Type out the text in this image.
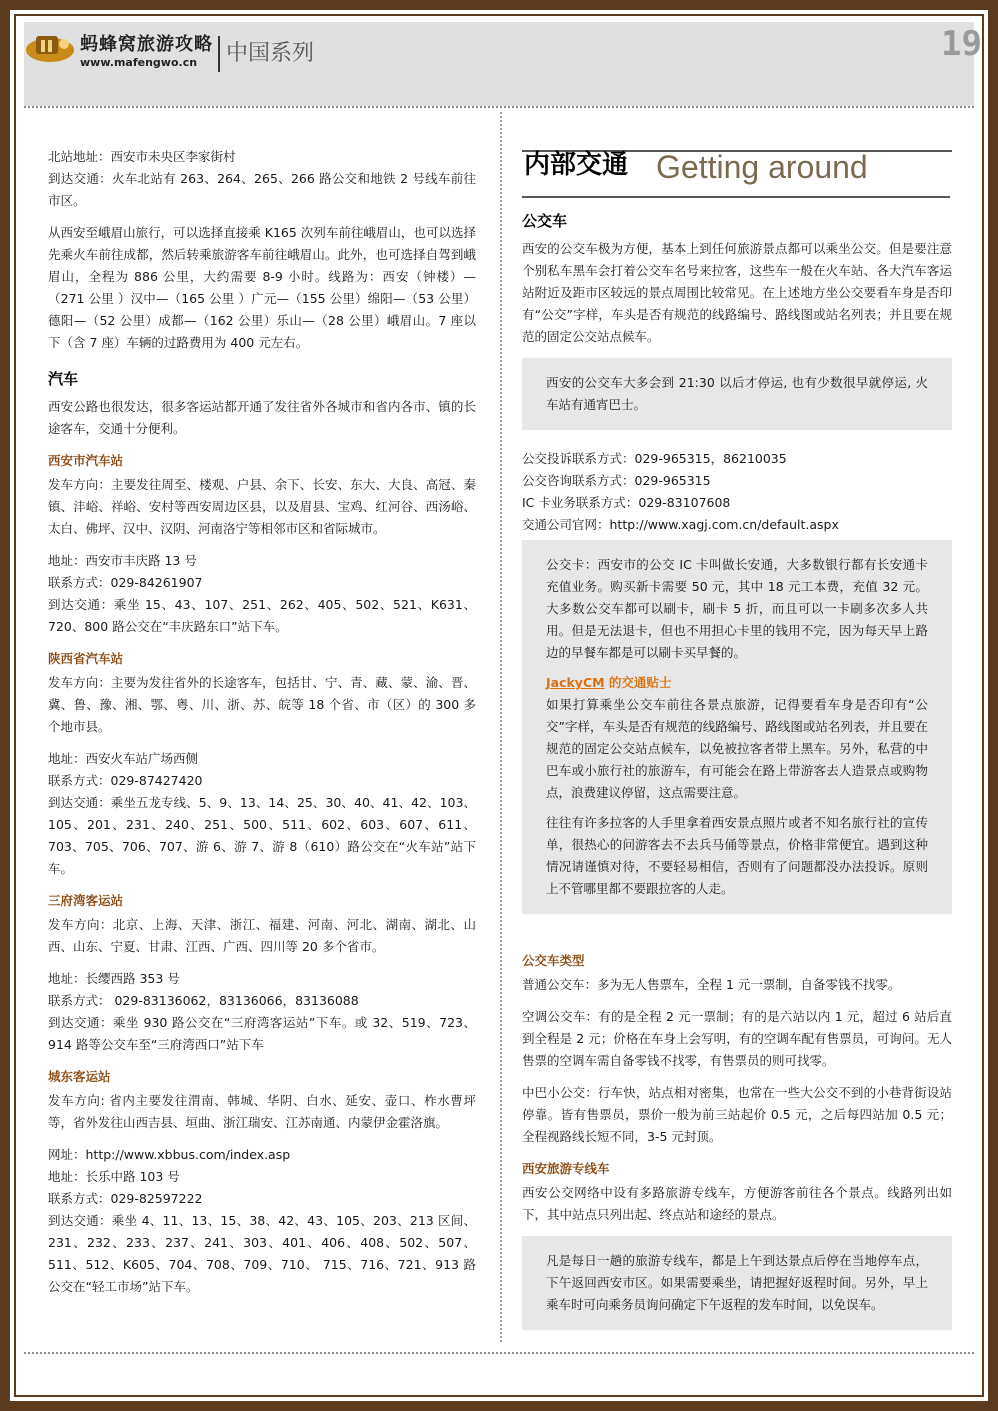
蚂蜂窝旅游攻略
www.mafengwo.cn 中国系列	19

北站地址：西安市未央区李家街村

到达交通：火车北站有 263、264、265、266 路公交和地铁 2 号线车前往市区。

从西安至峨眉山旅行，可以选择直接乘 K165 次列车前往峨眉山，也可以选择先乘火车前往成都，然后转乘旅游客车前往峨眉山。此外，也可选择自驾到峨眉山，全程为 886 公里，大约需要 8-9 小时。线路为：西安（钟楼）—（271 公里 ）汉中—（165 公里 ）广元—（155 公里）绵阳—（53 公里）德阳—（52 公里）成都—（162 公里）乐山—（28 公里）峨眉山。7 座以下（含 7 座）车辆的过路费用为 400 元左右。

汽车

西安公路也很发达，很多客运站都开通了发往省外各城市和省内各市、镇的长途客车，交通十分便利。

西安市汽车站

发车方向：主要发往周至、楼观、户县、余下、长安、东大、大良、高冠、秦镇、沣峪、祥峪、安村等西安周边区县，以及眉县、宝鸡、红河谷、西汤峪、太白、佛坪、汉中、汉阴、河南洛宁等相邻市区和省际城市。

地址：西安市丰庆路 13 号

联系方式：029-84261907

到达交通：乘坐 15、43、107、251、262、405、502、521、K631、720、800 路公交在“丰庆路东口”站下车。

陕西省汽车站

发车方向：主要为发往省外的长途客车，包括甘、宁、青、藏、蒙、渝、晋、冀、鲁、豫、湘、鄂、粤、川、浙、苏、皖等 18 个省、市（区）的 300 多个地市县。

地址：西安火车站广场西侧

联系方式：029-87427420

到达交通：乘坐五龙专线、5、9、13、14、25、30、40、41、42、103、105、201、231、240、251、500、511、602、603、607、611、703、705、706、707、游 6、游 7、游 8（610）路公交在“火车站”站下车。

三府湾客运站

发车方向：北京、上海、天津、浙江、福建、河南、河北、湖南、湖北、山西、山东、宁夏、甘肃、江西、广西、四川等 20 多个省市。

地址：长缨西路 353 号

联系方式： 029-83136062，83136066，83136088

到达交通：乘坐 930 路公交在“三府湾客运站”下车。或 32、519、723、914 路等公交车至“三府湾西口”站下车

城东客运站

发车方向: 省内主要发往渭南、韩城、华阴、白水、延安、壶口、柞水曹坪等，省外发往山西吉县、垣曲、浙江瑞安、江苏南通、内蒙伊金霍洛旗。

网址：http://www.xbbus.com/index.asp

地址：长乐中路 103 号

联系方式：029-82597222

到达交通：乘坐 4、11、13、15、38、42、43、105、203、213 区间、231、232、233、237、241、303、401、406、408、502、507、511、512、K605、704、708、709、710、 715、716、721、913 路公交在“轻工市场”站下车。

内部交通 Getting around
公交车

西安的公交车极为方便，基本上到任何旅游景点都可以乘坐公交。但是要注意个别私车黑车会打着公交车名号来拉客，这些车一般在火车站、各大汽车客运站附近及距市区较远的景点周围比较常见。在上述地方坐公交要看车身是否印有“公交”字样，车头是否有规范的线路编号、路线图或站名列表；并且要在规范的固定公交站点候车。

西安的公交车大多会到 21:30 以后才停运, 也有少数很早就停运, 火车站有通宵巴士。

公交投诉联系方式：029-965315，86210035

公交咨询联系方式：029-965315

IC 卡业务联系方式：029-83107608

交通公司官网：http://www.xagj.com.cn/default.aspx

公交卡：西安市的公交 IC 卡叫做长安通，大多数银行都有长安通卡充值业务。购买新卡需要 50 元，其中 18 元工本费，充值 32 元。大多数公交车都可以刷卡，刷卡 5 折，而且可以一卡刷多次多人共用。但是无法退卡，但也不用担心卡里的钱用不完，因为每天早上路边的早餐车都是可以刷卡买早餐的。

JackyCM 的交通贴士

如果打算乘坐公交车前往各景点旅游，记得要看车身是否印有“公交”字样，车头是否有规范的线路编号、路线图或站名列表，并且要在规范的固定公交站点候车，以免被拉客者带上黑车。另外，私营的中巴车或小旅行社的旅游车，有可能会在路上带游客去人造景点或购物点，浪费建议停留，这点需要注意。

往往有许多拉客的人手里拿着西安景点照片或者不知名旅行社的宣传单，很热心的问游客去不去兵马俑等景点，价格非常便宜。遇到这种情况请谨慎对待，不要轻易相信，否则有了问题都没办法投诉。原则上不管哪里都不要跟拉客的人走。

公交车类型

普通公交车：多为无人售票车，全程 1 元一票制，自备零钱不找零。

空调公交车：有的是全程 2 元一票制；有的是六站以内 1 元，超过 6 站后直到全程是 2 元；价格在车身上会写明，有的空调车配有售票员，可询问。无人售票的空调车需自备零钱不找零，有售票员的则可找零。

中巴小公交：行车快，站点相对密集，也常在一些大公交不到的小巷背街设站停靠。皆有售票员，票价一般为前三站起价 0.5 元，之后每四站加 0.5 元；全程视路线长短不同，3-5 元封顶。

西安旅游专线车

西安公交网络中设有多路旅游专线车，方便游客前往各个景点。线路列出如下，其中站点只列出起、终点站和途经的景点。

凡是每日一趟的旅游专线车，都是上午到达景点后停在当地停车点，下午返回西安市区。如果需要乘坐，请把握好返程时间。另外，早上乘车时可向乘务员询问确定下午返程的发车时间，以免误车。
